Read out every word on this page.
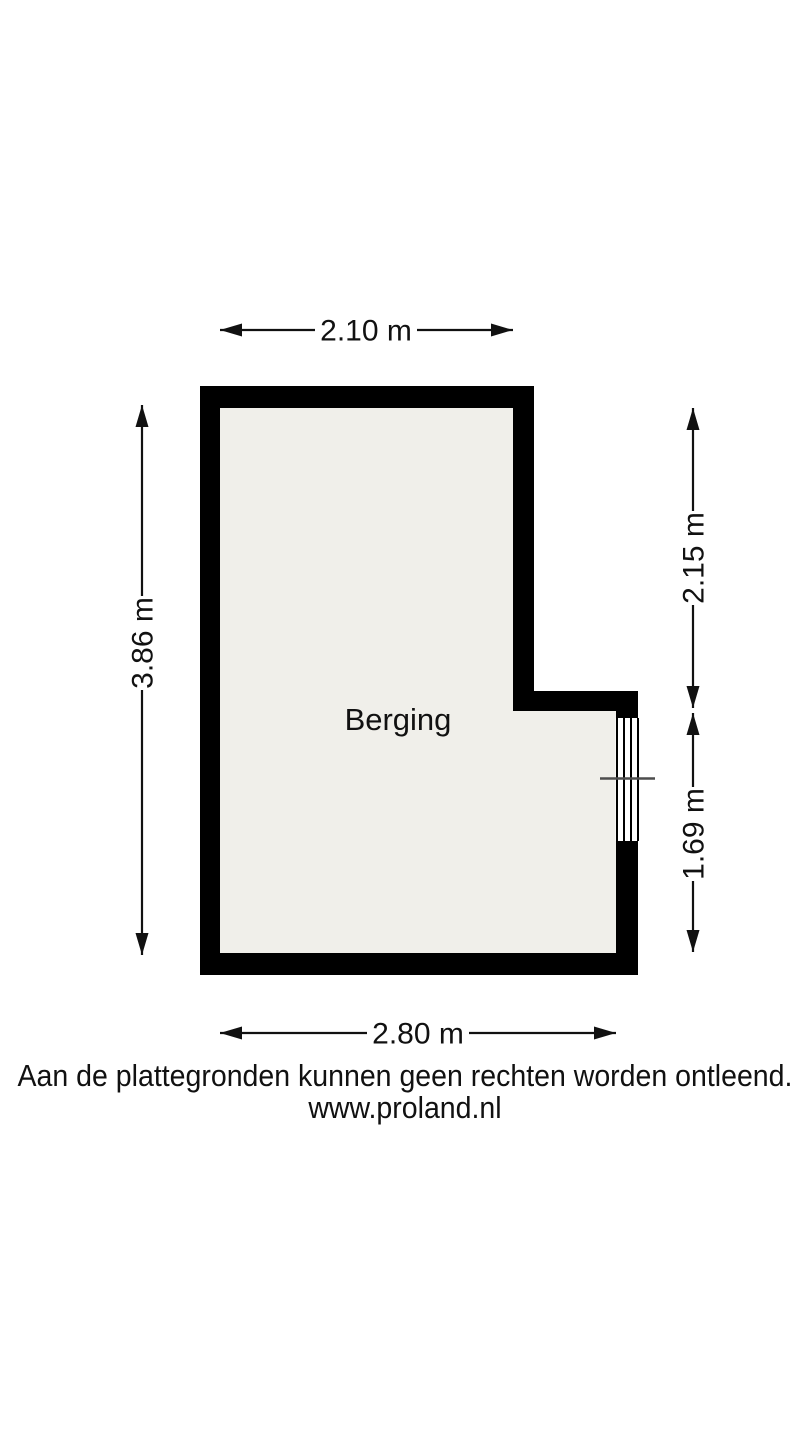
Berging
2.10 m
2.80 m
3.86 m
2.15 m
1.69 m
Aan de plattegronden kunnen geen rechten worden ontleend.
www.proland.nl
